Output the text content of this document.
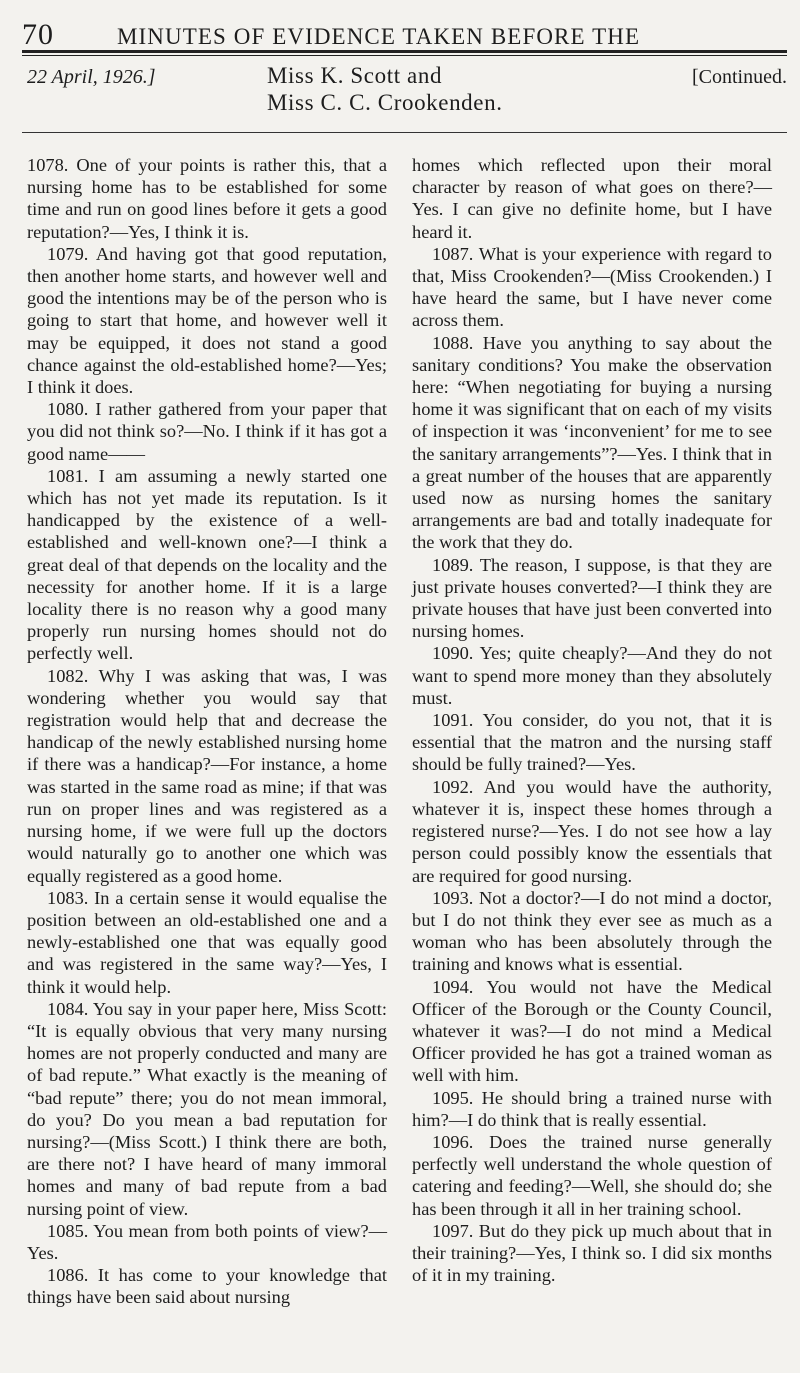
70	MINUTES OF EVIDENCE TAKEN BEFORE THE
22 April, 1926.]	Miss K. Scott and
Miss C. C. Crookenden.
[Continued.

1078. One of your points is rather this, that a nursing home has to be established for some time and run on good lines before it gets a good reputation?—Yes, I think it is.

1079. And having got that good reputation, then another home starts, and however well and good the intentions may be of the person who is going to start that home, and however well it may be equipped, it does not stand a good chance against the old-established home?—Yes; I think it does.

1080. I rather gathered from your paper that you did not think so?—No. I think if it has got a good name——

1081. I am assuming a newly started one which has not yet made its reputation. Is it handicapped by the existence of a well-established and well-known one?—I think a great deal of that depends on the locality and the necessity for another home. If it is a large locality there is no reason why a good many properly run nursing homes should not do perfectly well.

1082. Why I was asking that was, I was wondering whether you would say that registration would help that and decrease the handicap of the newly established nursing home if there was a handicap?—For instance, a home was started in the same road as mine; if that was run on proper lines and was registered as a nursing home, if we were full up the doctors would naturally go to another one which was equally registered as a good home.

1083. In a certain sense it would equalise the position between an old-established one and a newly-established one that was equally good and was registered in the same way?—Yes, I think it would help.

1084. You say in your paper here, Miss Scott: “It is equally obvious that very many nursing homes are not properly conducted and many are of bad repute.” What exactly is the meaning of “bad repute” there; you do not mean immoral, do you? Do you mean a bad reputation for nursing?—(Miss Scott.) I think there are both, are there not? I have heard of many immoral homes and many of bad repute from a bad nursing point of view.

1085. You mean from both points of view?—Yes.

1086. It has come to your knowledge that things have been said about nursing

homes which reflected upon their moral character by reason of what goes on there?—Yes. I can give no definite home, but I have heard it.

1087. What is your experience with regard to that, Miss Crookenden?—(Miss Crookenden.) I have heard the same, but I have never come across them.

1088. Have you anything to say about the sanitary conditions? You make the observation here: “When negotiating for buying a nursing home it was significant that on each of my visits of inspection it was ‘inconvenient’ for me to see the sanitary arrangements”?—Yes. I think that in a great number of the houses that are apparently used now as nursing homes the sanitary arrangements are bad and totally inadequate for the work that they do.

1089. The reason, I suppose, is that they are just private houses converted?—I think they are private houses that have just been converted into nursing homes.

1090. Yes; quite cheaply?—And they do not want to spend more money than they absolutely must.

1091. You consider, do you not, that it is essential that the matron and the nursing staff should be fully trained?—Yes.

1092. And you would have the authority, whatever it is, inspect these homes through a registered nurse?—Yes. I do not see how a lay person could possibly know the essentials that are required for good nursing.

1093. Not a doctor?—I do not mind a doctor, but I do not think they ever see as much as a woman who has been absolutely through the training and knows what is essential.

1094. You would not have the Medical Officer of the Borough or the County Council, whatever it was?—I do not mind a Medical Officer provided he has got a trained woman as well with him.

1095. He should bring a trained nurse with him?—I do think that is really essential.

1096. Does the trained nurse generally perfectly well understand the whole question of catering and feeding?—Well, she should do; she has been through it all in her training school.

1097. But do they pick up much about that in their training?—Yes, I think so. I did six months of it in my training.
